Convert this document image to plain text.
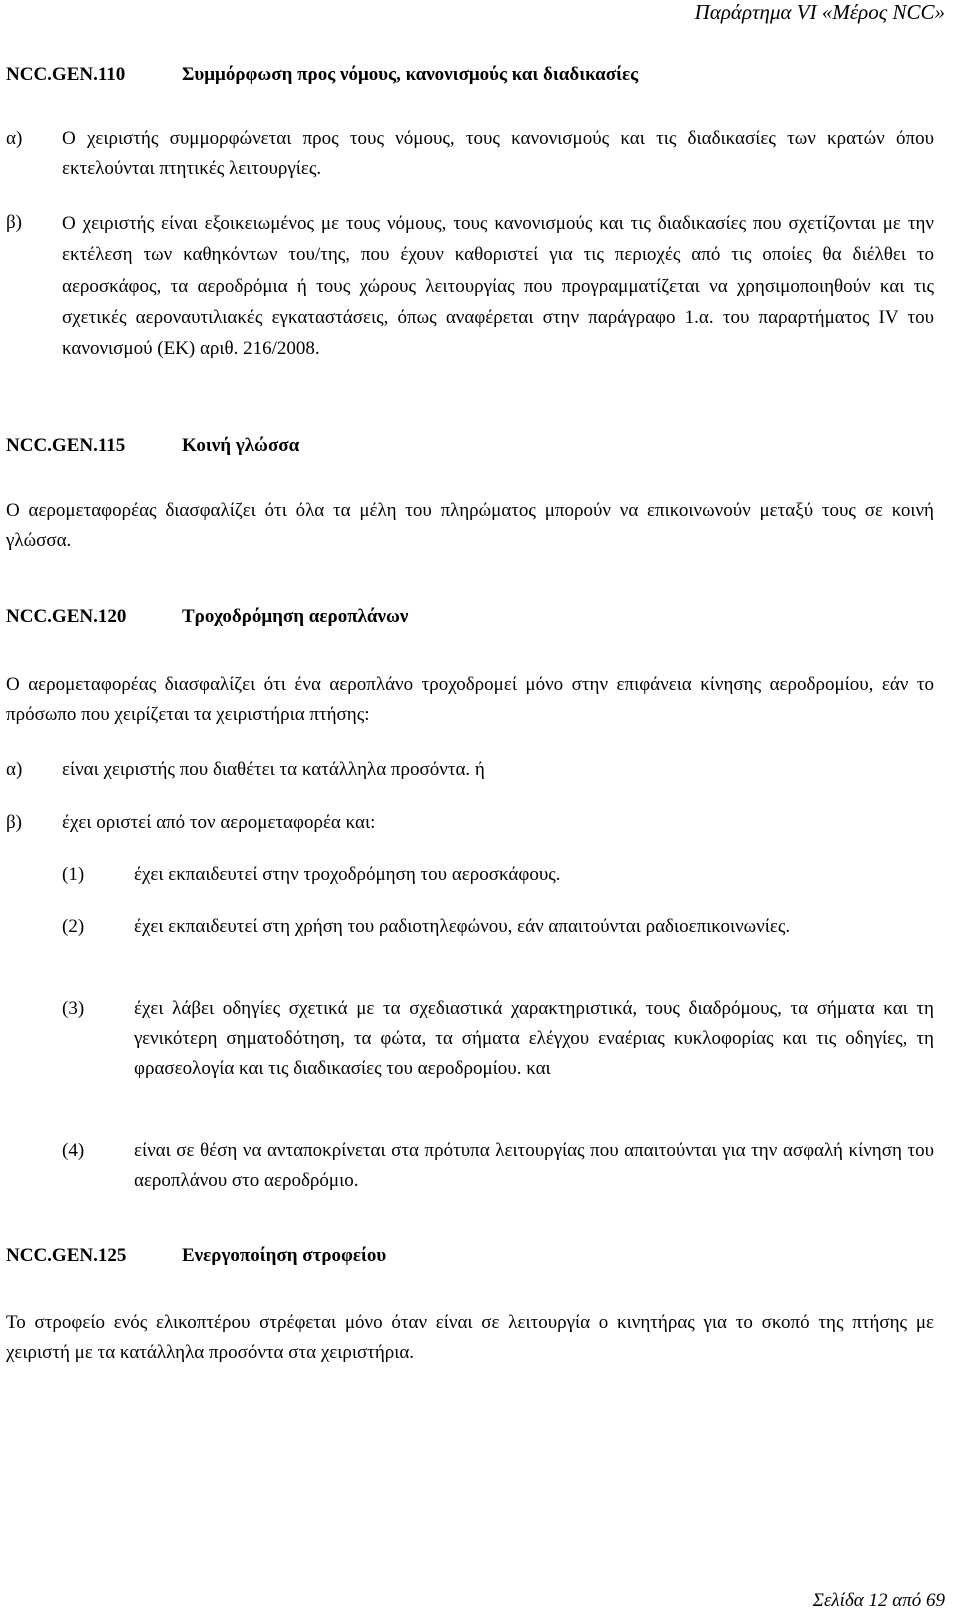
Παράρτημα VI «Μέρος NCC»
NCC.GEN.110	Συμμόρφωση προς νόμους, κανονισμούς και διαδικασίες
α) Ο χειριστής συμμορφώνεται προς τους νόμους, τους κανονισμούς και τις διαδικασίες των κρατών όπου εκτελούνται πτητικές λειτουργίες.
β) Ο χειριστής είναι εξοικειωμένος με τους νόμους, τους κανονισμούς και τις διαδικασίες που σχετίζονται με την εκτέλεση των καθηκόντων του/της, που έχουν καθοριστεί για τις περιοχές από τις οποίες θα διέλθει το αεροσκάφος, τα αεροδρόμια ή τους χώρους λειτουργίας που προγραμματίζεται να χρησιμοποιηθούν και τις σχετικές αεροναυτιλιακές εγκαταστάσεις, όπως αναφέρεται στην παράγραφο 1.α. του παραρτήματος IV του κανονισμού (ΕΚ) αριθ. 216/2008.
NCC.GEN.115	Κοινή γλώσσα
Ο αερομεταφορέας διασφαλίζει ότι όλα τα μέλη του πληρώματος μπορούν να επικοινωνούν μεταξύ τους σε κοινή γλώσσα.
NCC.GEN.120	Τροχοδρόμηση αεροπλάνων
Ο αερομεταφορέας διασφαλίζει ότι ένα αεροπλάνο τροχοδρομεί μόνο στην επιφάνεια κίνησης αεροδρομίου, εάν το πρόσωπο που χειρίζεται τα χειριστήρια πτήσης:
α) είναι χειριστής που διαθέτει τα κατάλληλα προσόντα. ή
β) έχει οριστεί από τον αερομεταφορέα και:
(1)	έχει εκπαιδευτεί στην τροχοδρόμηση του αεροσκάφους.
(2)	έχει εκπαιδευτεί στη χρήση του ραδιοτηλεφώνου, εάν απαιτούνται ραδιοεπικοινωνίες.
(3)	έχει λάβει οδηγίες σχετικά με τα σχεδιαστικά χαρακτηριστικά, τους διαδρόμους, τα σήματα και τη γενικότερη σηματοδότηση, τα φώτα, τα σήματα ελέγχου εναέριας κυκλοφορίας και τις οδηγίες, τη φρασεολογία και τις διαδικασίες του αεροδρομίου. και
(4)	είναι σε θέση να ανταποκρίνεται στα πρότυπα λειτουργίας που απαιτούνται για την ασφαλή κίνηση του αεροπλάνου στο αεροδρόμιο.
NCC.GEN.125	Ενεργοποίηση στροφείου
Το στροφείο ενός ελικοπτέρου στρέφεται μόνο όταν είναι σε λειτουργία ο κινητήρας για το σκοπό της πτήσης με χειριστή με τα κατάλληλα προσόντα στα χειριστήρια.
Σελίδα 12 από 69
